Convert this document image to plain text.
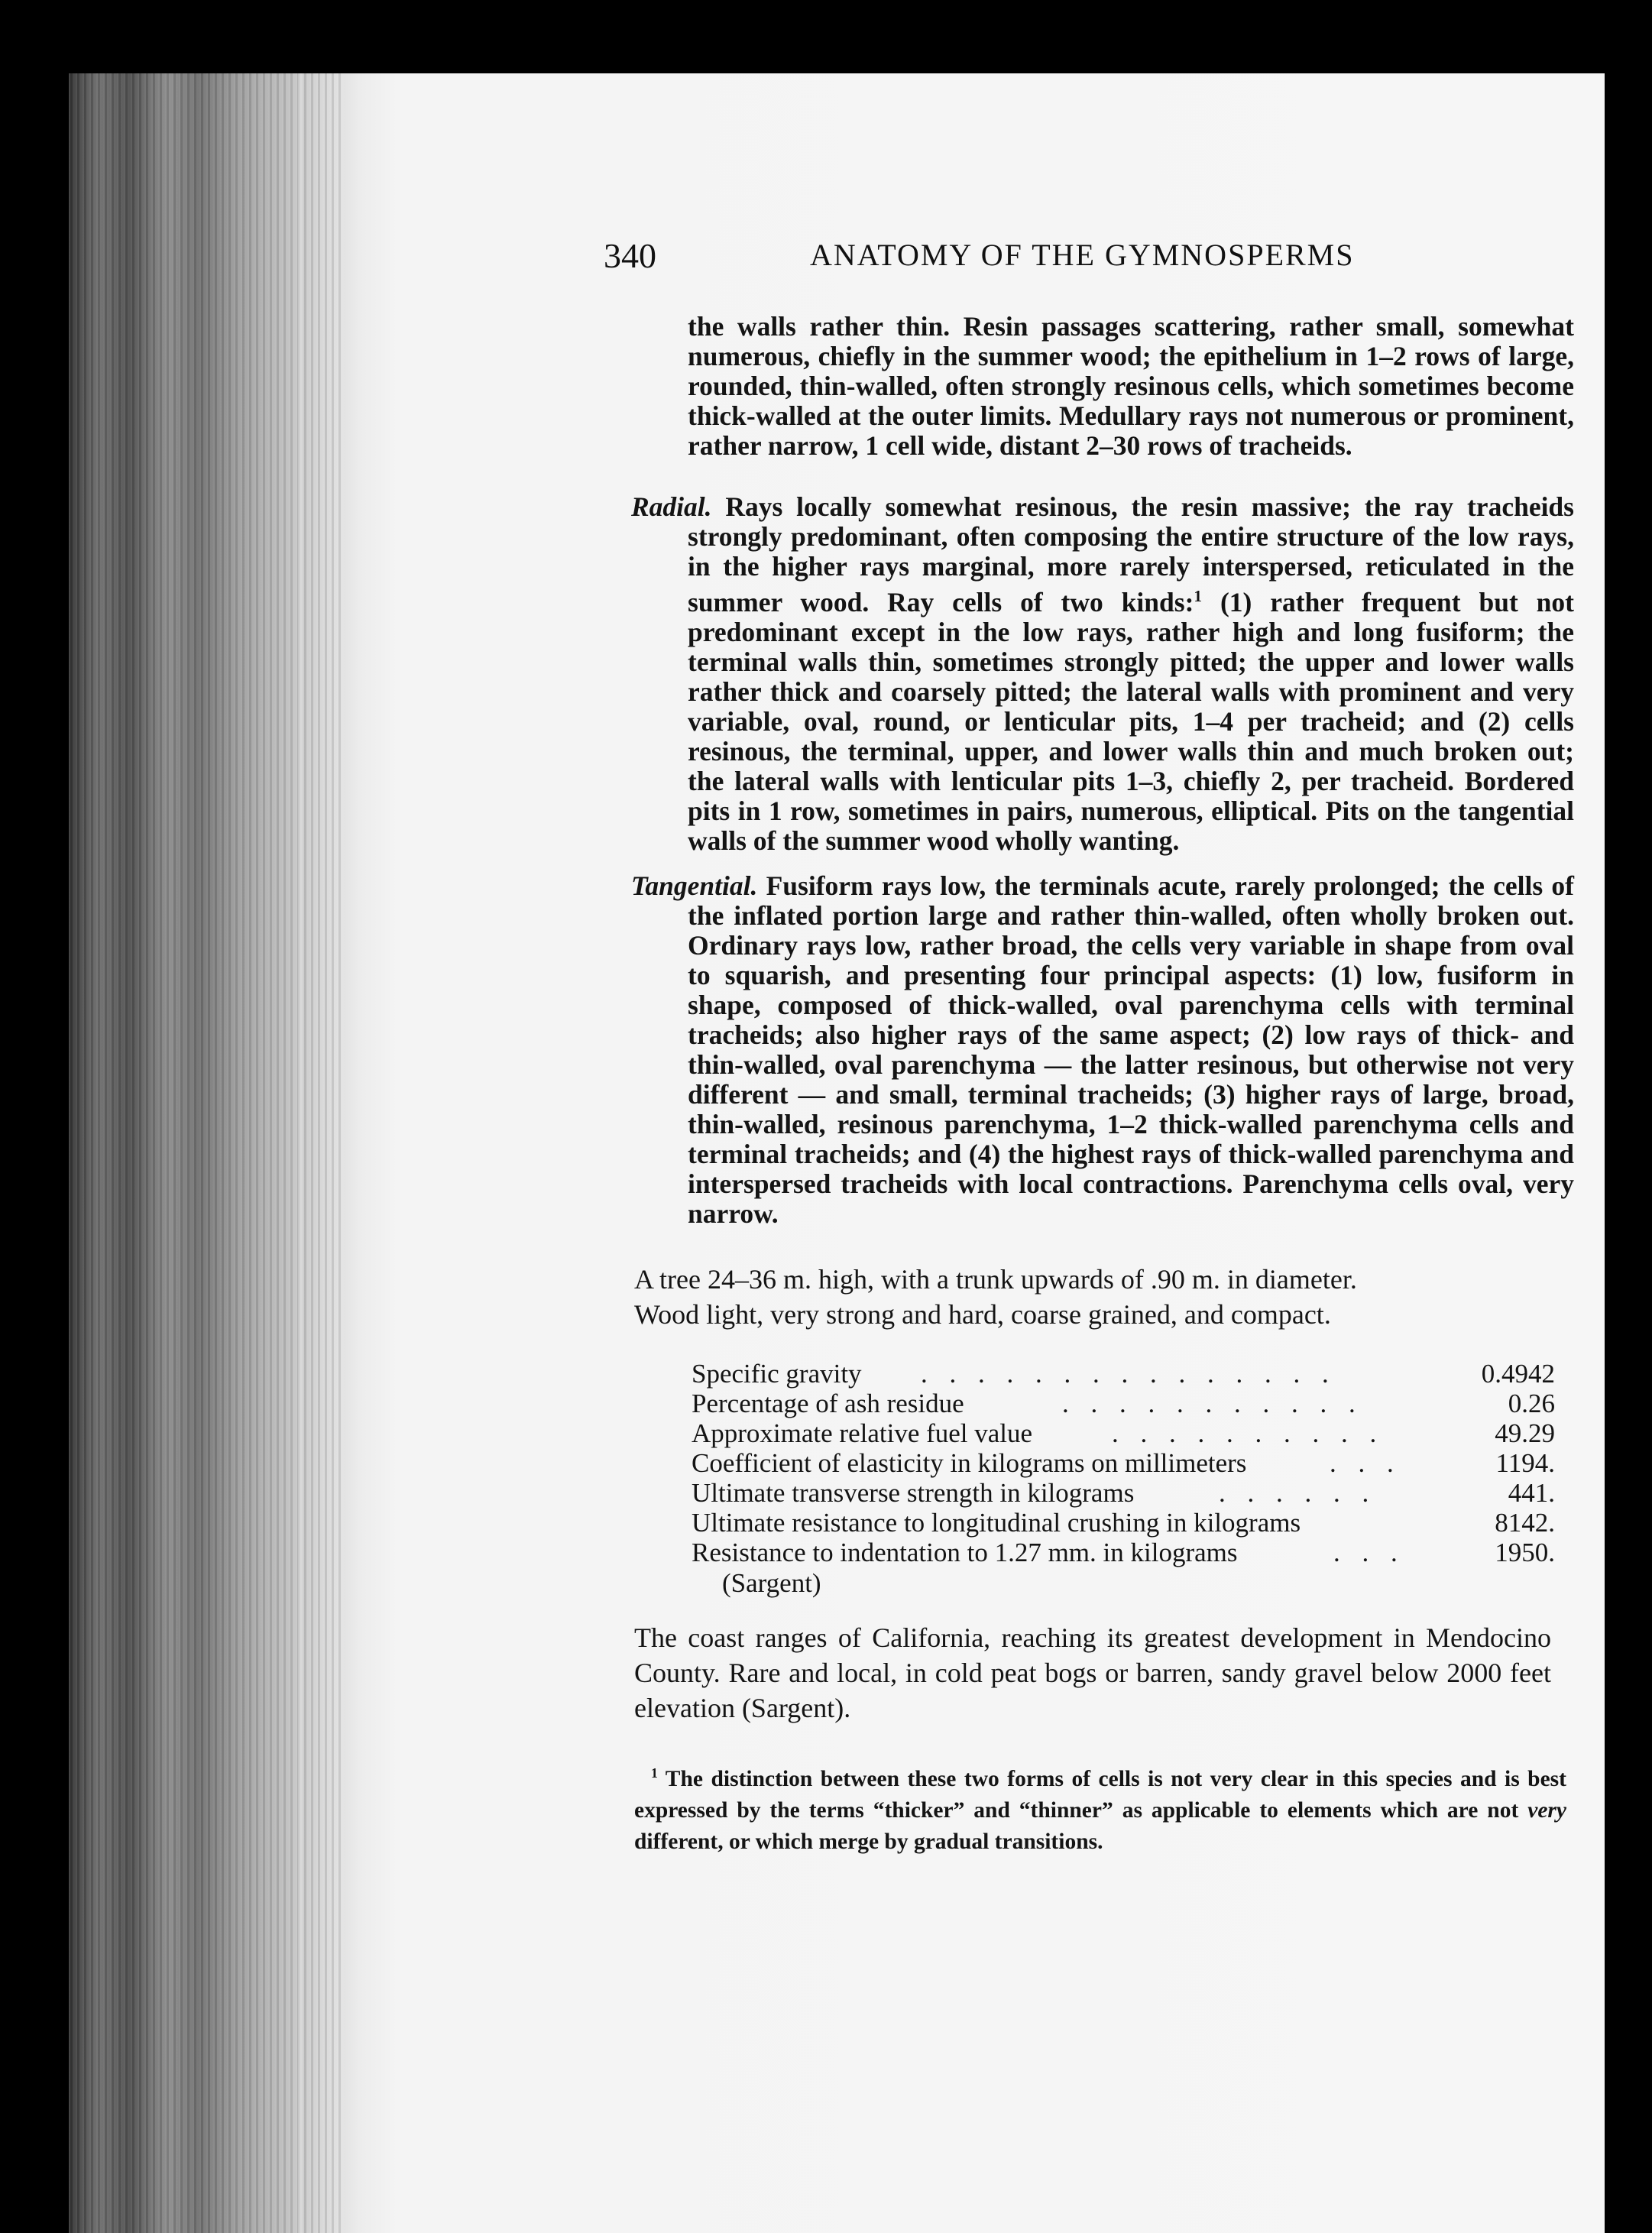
340	ANATOMY OF THE GYMNOSPERMS

the walls rather thin. Resin passages scattering, rather small, somewhat numerous, chiefly in the summer wood; the epithelium in 1–2 rows of large, rounded, thin-walled, often strongly resinous cells, which sometimes become thick-walled at the outer limits. Medullary rays not numerous or prominent, rather narrow, 1 cell wide, distant 2–30 rows of tracheids.

Radial. Rays locally somewhat resinous, the resin massive; the ray tracheids strongly predominant, often composing the entire structure of the low rays, in the higher rays marginal, more rarely interspersed, reticulated in the summer wood. Ray cells of two kinds:$^1$ (1) rather frequent but not predominant except in the low rays, rather high and long fusiform; the terminal walls thin, sometimes strongly pitted; the upper and lower walls rather thick and coarsely pitted; the lateral walls with prominent and very variable, oval, round, or lenticular pits, 1–4 per tracheid; and (2) cells resinous, the terminal, upper, and lower walls thin and much broken out; the lateral walls with lenticular pits 1–3, chiefly 2, per tracheid. Bordered pits in 1 row, sometimes in pairs, numerous, elliptical. Pits on the tangential walls of the summer wood wholly wanting.
Tangential. Fusiform rays low, the terminals acute, rarely prolonged; the cells of the inflated portion large and rather thin-walled, often wholly broken out. Ordinary rays low, rather broad, the cells very variable in shape from oval to squarish, and presenting four principal aspects: (1) low, fusiform in shape, composed of thick-walled, oval parenchyma cells with terminal tracheids; also higher rays of the same aspect; (2) low rays of thick- and thin-walled, oval parenchyma — the latter resinous, but otherwise not very different — and small, terminal tracheids; (3) higher rays of large, broad, thin-walled, resinous parenchyma, 1–2 thick-walled parenchyma cells and terminal tracheids; and (4) the highest rays of thick-walled parenchyma and interspersed tracheids with local contractions. Parenchyma cells oval, very narrow.
A tree 24–36 m. high, with a trunk upwards of .90 m. in diameter.
Wood light, very strong and hard, coarse grained, and compact.
Specific gravity . . . . . . . . . . . . . . .	0.4942
Percentage of ash residue	. . . . . . . . . . .	0.26
Approximate relative fuel value	. . . . . . . . . .	49.29
Coefficient of elasticity in kilograms on millimeters	. . .	1194.
Ultimate transverse strength in kilograms	. . . . . .	441.
Ultimate resistance to longitudinal crushing in kilograms	8142.
Resistance to indentation to 1.27 mm. in kilograms	. . .	1950.
(Sargent)
The coast ranges of California, reaching its greatest development in Mendocino County. Rare and local, in cold peat bogs or barren, sandy gravel below 2000 feet elevation (Sargent).
$^1$ The distinction between these two forms of cells is not very clear in this species and is best expressed by the terms “thicker” and “thinner” as applicable to elements which are not very different, or which merge by gradual transitions.
